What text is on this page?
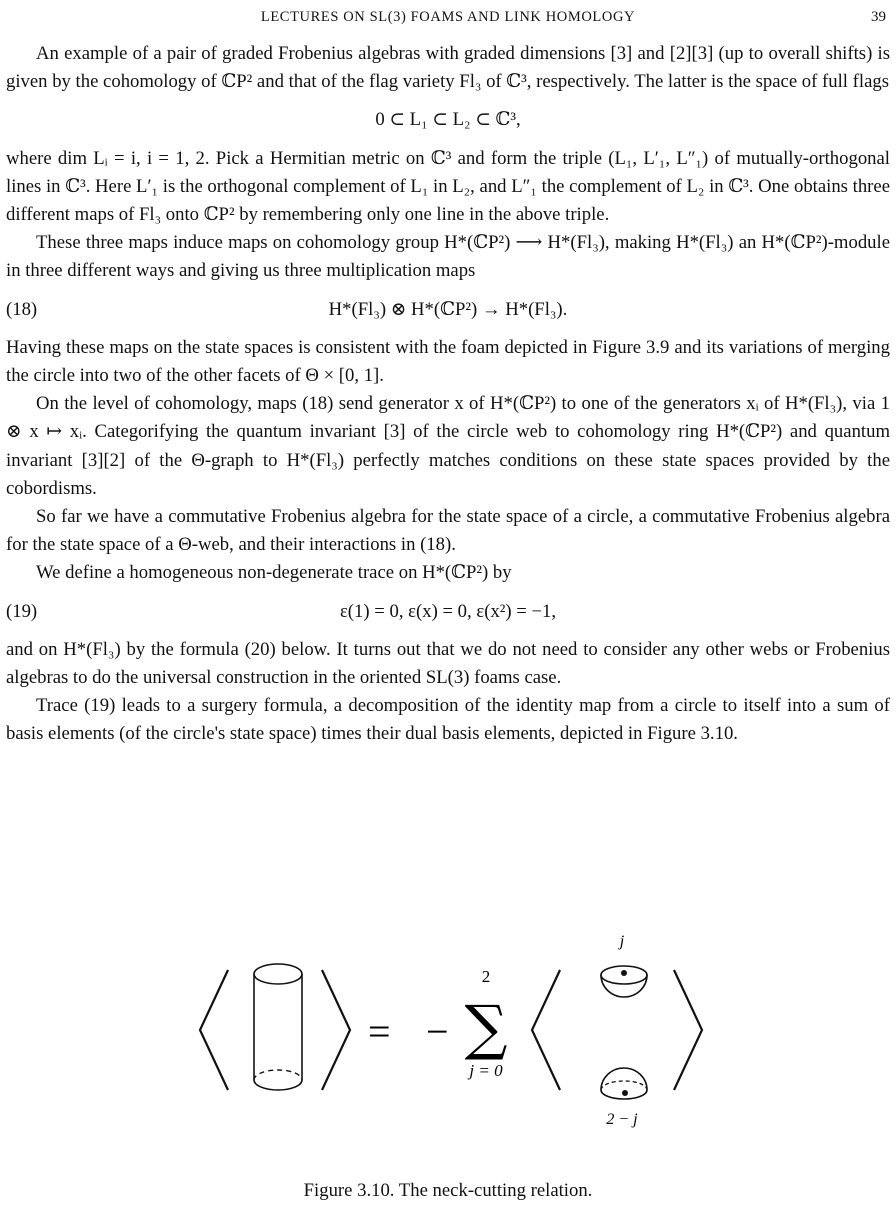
LECTURES ON SL(3) FOAMS AND LINK HOMOLOGY	39

An example of a pair of graded Frobenius algebras with graded dimensions [3] and [2][3] (up to overall shifts) is given by the cohomology of ℂP² and that of the flag variety Fl₃ of ℂ³, respectively. The latter is the space of full flags

0 ⊂ L₁ ⊂ L₂ ⊂ ℂ³,

where dim Lᵢ = i, i = 1, 2. Pick a Hermitian metric on ℂ³ and form the triple (L₁, L′₁, L″₁) of mutually-orthogonal lines in ℂ³. Here L′₁ is the orthogonal complement of L₁ in L₂, and L″₁ the complement of L₂ in ℂ³. One obtains three different maps of Fl₃ onto ℂP² by remembering only one line in the above triple.

These three maps induce maps on cohomology group H*(ℂP²) ⟶ H*(Fl₃), making H*(Fl₃) an H*(ℂP²)-module in three different ways and giving us three multiplication maps

(18)	H*(Fl₃) ⊗ H*(ℂP²) → H*(Fl₃).

Having these maps on the state spaces is consistent with the foam depicted in Figure 3.9 and its variations of merging the circle into two of the other facets of Θ × [0, 1].

On the level of cohomology, maps (18) send generator x of H*(ℂP²) to one of the generators xᵢ of H*(Fl₃), via 1 ⊗ x ↦ xᵢ. Categorifying the quantum invariant [3] of the circle web to cohomology ring H*(ℂP²) and quantum invariant [3][2] of the Θ-graph to H*(Fl₃) perfectly matches conditions on these state spaces provided by the cobordisms.

So far we have a commutative Frobenius algebra for the state space of a circle, a commutative Frobenius algebra for the state space of a Θ-web, and their interactions in (18).

We define a homogeneous non-degenerate trace on H*(ℂP²) by

(19)	ε(1) = 0, ε(x) = 0, ε(x²) = −1,

and on H*(Fl₃) by the formula (20) below. It turns out that we do not need to consider any other webs or Frobenius algebras to do the universal construction in the oriented SL(3) foams case.

Trace (19) leads to a surgery formula, a decomposition of the identity map from a circle to itself into a sum of basis elements (of the circle's state space) times their dual basis elements, depicted in Figure 3.10.

= −
2
∑
j = 0
j
2 − j
Figure 3.10. The neck-cutting relation.
